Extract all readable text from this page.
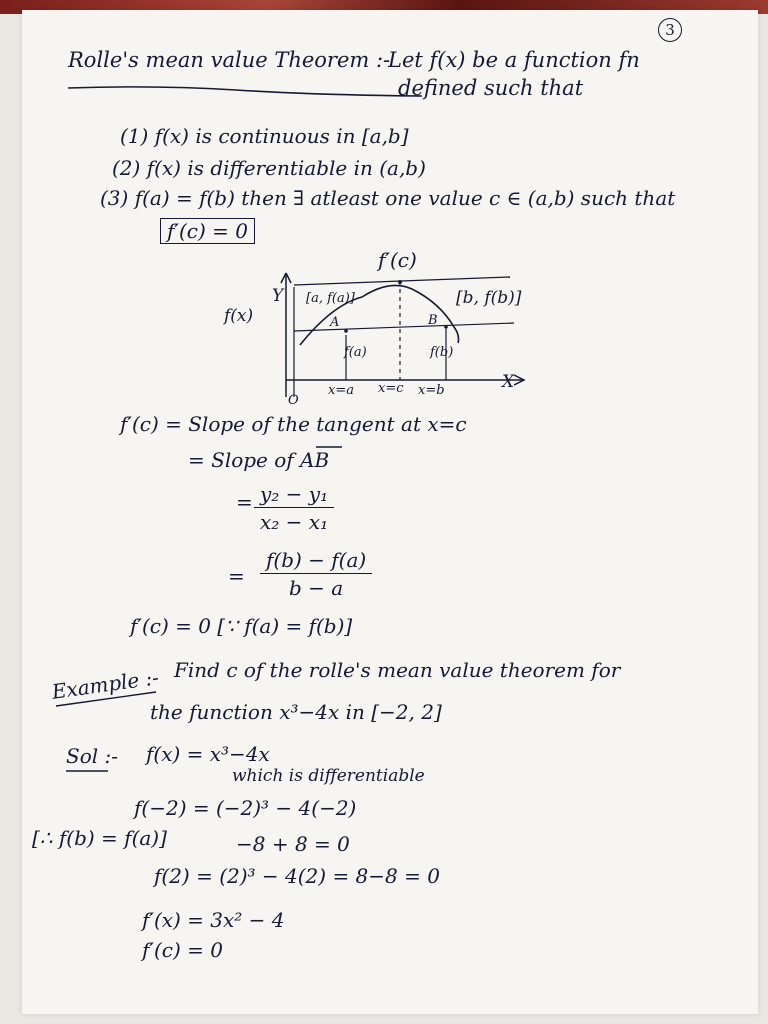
3
Rolle's mean value Theorem :-
Let f(x) be a function fn
defined such that
(1) f(x) is continuous in [a,b]
(2) f(x) is differentiable in (a,b)
(3) f(a) = f(b) then ∃ atleast one value c ∈ (a,b) such that
f′(c) = 0
f′(c)
f(x)
Y [a, f(a)]	[b, f(b)]
A	B
f(a)	f(b)
O
x=a x=c x=b	X
f′(c) = Slope of the tangent at x=c
= Slope of AB
= $\frac{\text{y₂ − y₁}}{\text{x₂ − x₁}}$
= $\frac{f(b) - f(a)}{b - a}$
f′(c) = 0 [∵ f(a) = f(b)]
Example :- Find c of the rolle's mean value theorem for
the function x³−4x in [−2, 2]
Sol :- f(x) = x³−4x
which is differentiable
f(−2) = (−2)³ − 4(−2)
[∴ f(b) = f(a)]	−8 + 8 = 0
f(2) = (2)³ − 4(2) = 8−8 = 0
f′(x) = 3x² − 4
f′(c) = 0
